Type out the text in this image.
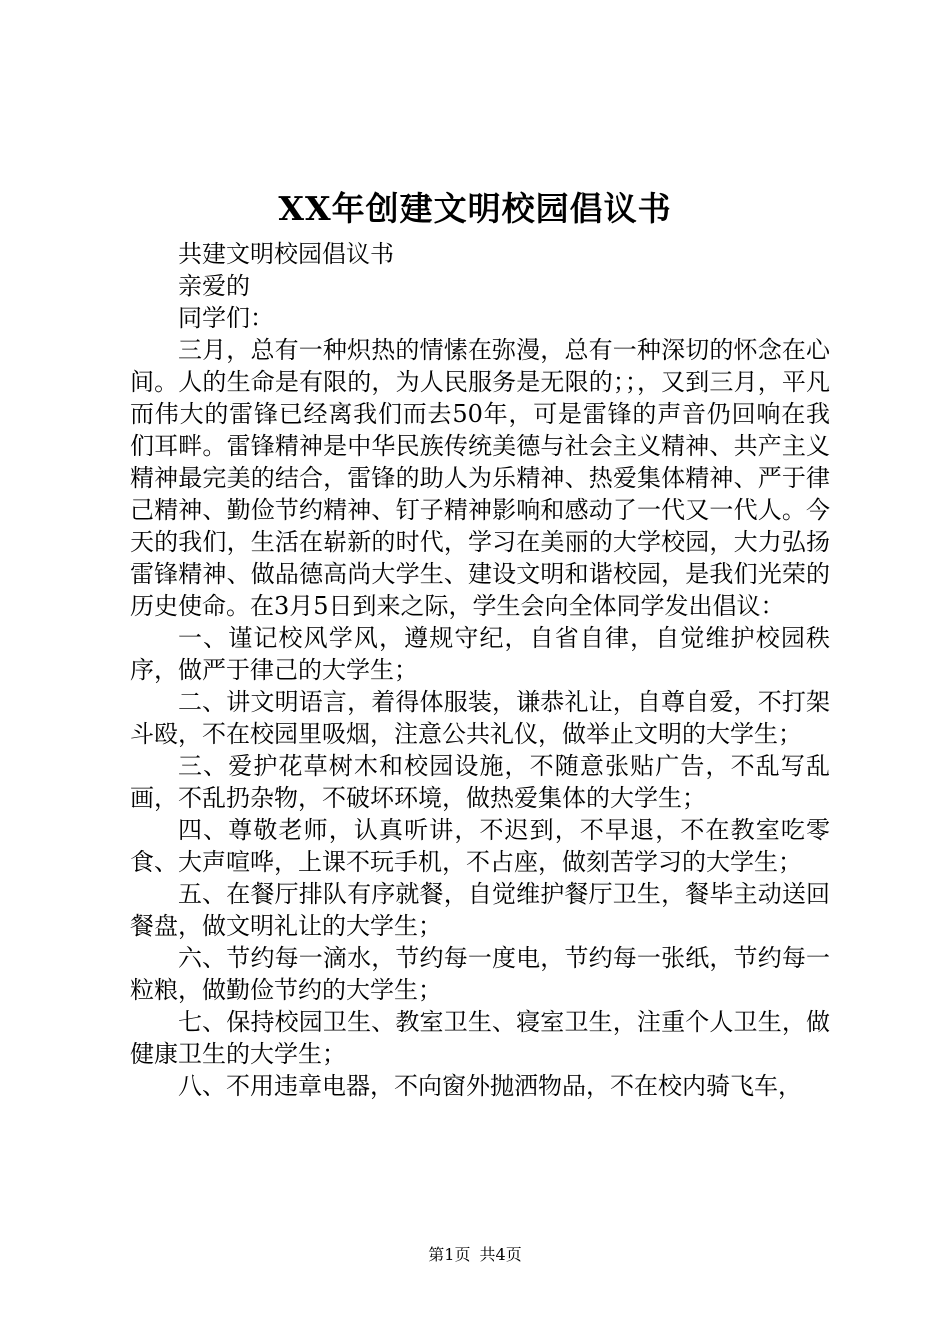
XX年创建文明校园倡议书

共建文明校园倡议书

亲爱的

同学们：

三月，总有一种炽热的情愫在弥漫，总有一种深切的怀念在心间。人的生命是有限的，为人民服务是无限的；；，又到三月，平凡而伟大的雷锋已经离我们而去50年，可是雷锋的声音仍回响在我们耳畔。雷锋精神是中华民族传统美德与社会主义精神、共产主义精神最完美的结合，雷锋的助人为乐精神、热爱集体精神、严于律己精神、勤俭节约精神、钉子精神影响和感动了一代又一代人。今天的我们，生活在崭新的时代，学习在美丽的大学校园，大力弘扬雷锋精神、做品德高尚大学生、建设文明和谐校园，是我们光荣的历史使命。在3月5日到来之际，学生会向全体同学发出倡议：

一、谨记校风学风，遵规守纪，自省自律，自觉维护校园秩序，做严于律己的大学生；

二、讲文明语言，着得体服装，谦恭礼让，自尊自爱，不打架斗殴，不在校园里吸烟，注意公共礼仪，做举止文明的大学生；

三、爱护花草树木和校园设施，不随意张贴广告，不乱写乱画，不乱扔杂物，不破坏环境，做热爱集体的大学生；

四、尊敬老师，认真听讲，不迟到，不早退，不在教室吃零食、大声喧哗，上课不玩手机，不占座，做刻苦学习的大学生；

五、在餐厅排队有序就餐，自觉维护餐厅卫生，餐毕主动送回餐盘，做文明礼让的大学生；

六、节约每一滴水，节约每一度电，节约每一张纸，节约每一粒粮，做勤俭节约的大学生；

七、保持校园卫生、教室卫生、寝室卫生，注重个人卫生，做健康卫生的大学生；

八、不用违章电器，不向窗外抛洒物品，不在校内骑飞车，

第1页 共4页
